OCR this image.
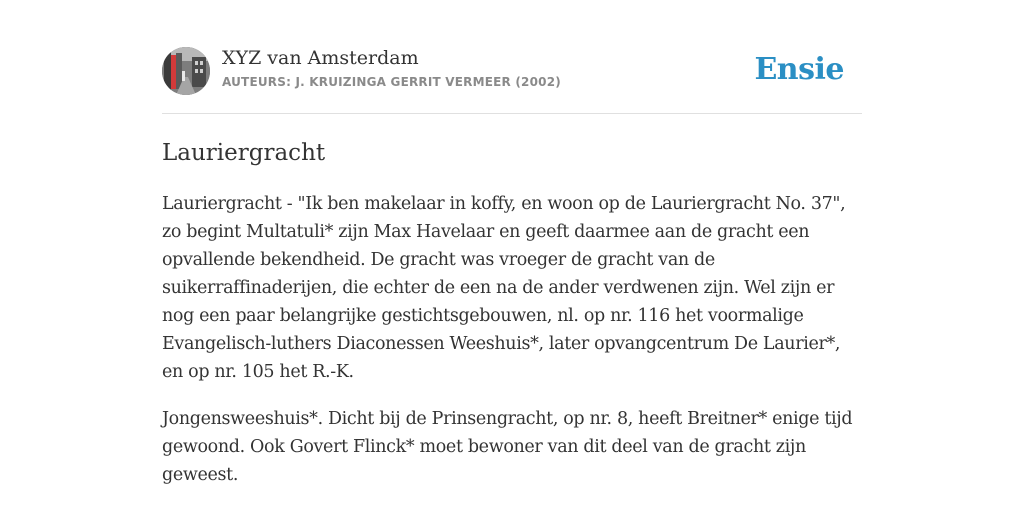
XYZ van Amsterdam
AUTEURS: J. KRUIZINGA GERRIT VERMEER (2002)	Ensie
Lauriergracht

Lauriergracht - "Ik ben makelaar in koffy, en woon op de Lauriergracht No. 37", zo begint Multatuli* zijn Max Havelaar en geeft daarmee aan de gracht een opvallende bekendheid. De gracht was vroeger de gracht van de suikerraffinaderijen, die echter de een na de ander verdwenen zijn. Wel zijn er nog een paar belangrijke gestichtsgebouwen, nl. op nr. 116 het voormalige Evangelisch-luthers Diaconessen Weeshuis*, later opvangcentrum De Laurier*, en op nr. 105 het R.-K.

Jongensweeshuis*. Dicht bij de Prinsengracht, op nr. 8, heeft Breitner* enige tijd gewoond. Ook Govert Flinck* moet bewoner van dit deel van de gracht zijn geweest.
